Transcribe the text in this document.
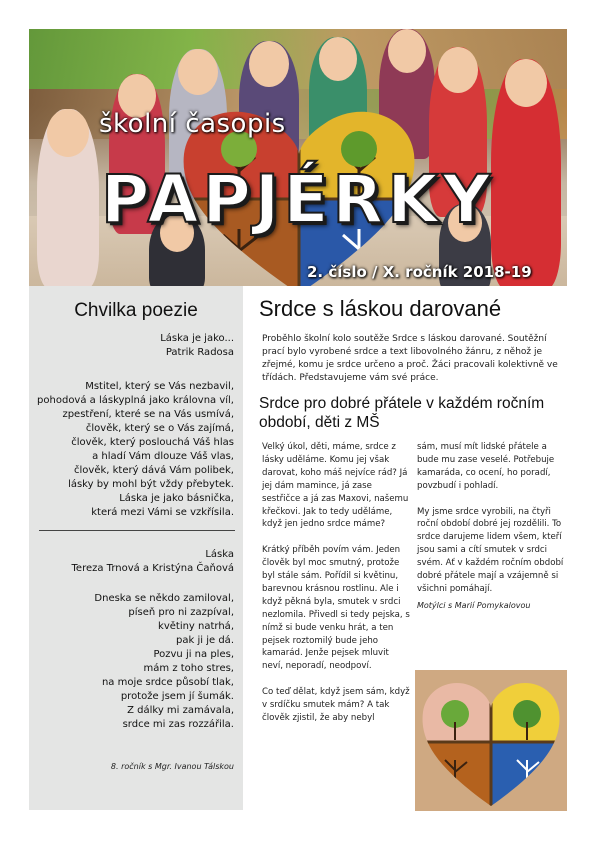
školní časopis
PAPJÉRKY
2. číslo / X. ročník 2018-19
Chvilka poezie
Láska je jako...
Patrik Radosa
Mstitel, který se Vás nezbavil,
pohodová a láskyplná jako královna víl,
zpestření, které se na Vás usmívá,
člověk, který se o Vás zajímá,
člověk, který poslouchá Váš hlas
a hladí Vám dlouze Váš vlas,
člověk, který dává Vám polibek,
lásky by mohl být vždy přebytek.
Láska je jako básnička,
která mezi Vámi se vzkřísila.
Láska
Tereza Trnová a Kristýna Čaňová
Dneska se někdo zamiloval,
píseň pro ni zazpíval,
květiny natrhá,
pak ji je dá.
Pozvu ji na ples,
mám z toho stres,
na moje srdce působí tlak,
protože jsem jí šumák.
Z dálky mi zamávala,
srdce mi zas rozzářila.
8. ročník s Mgr. Ivanou Tálskou
Srdce s láskou darované
Proběhlo školní kolo soutěže Srdce s láskou darované. Soutěžní prací bylo vyrobené srdce a text libovolného žánru, z něhož je zřejmé, komu je srdce určeno a proč. Žáci pracovali kolektivně ve třídách. Představujeme vám své práce.
Srdce pro dobré přátele v každém ročním období, děti z MŠ

Velký úkol, děti, máme, srdce z lásky uděláme. Komu jej však darovat, koho máš nejvíce rád? Já jej dám mamince, já zase sestřičce a já zas Maxovi, našemu křečkovi. Jak to tedy uděláme, když jen jedno srdce máme?

Krátký příběh povím vám. Jeden člověk byl moc smutný, protože byl stále sám. Pořídil si květinu, barevnou krásnou rostlinu. Ale i když pěkná byla, smutek v srdci nezlomila. Přivedl si tedy pejska, s nímž si bude venku hrát, a ten pejsek roztomilý bude jeho kamarád. Jenže pejsek mluvit neví, neporadí, neodpoví.

Co teď dělat, když jsem sám, když v srdíčku smutek mám? A tak člověk zjistil, že aby nebyl

sám, musí mít lidské přátele a bude mu zase veselé. Potřebuje kamaráda, co ocení, ho poradí, povzbudí i pohladí.

My jsme srdce vyrobili, na čtyři roční období dobré jej rozdělili. To srdce darujeme lidem všem, kteří jsou sami a cítí smutek v srdci svém. Ať v každém ročním období dobré přátele mají a vzájemně si všichni pomáhají.

Motýlci s Marií Pomykalovou
